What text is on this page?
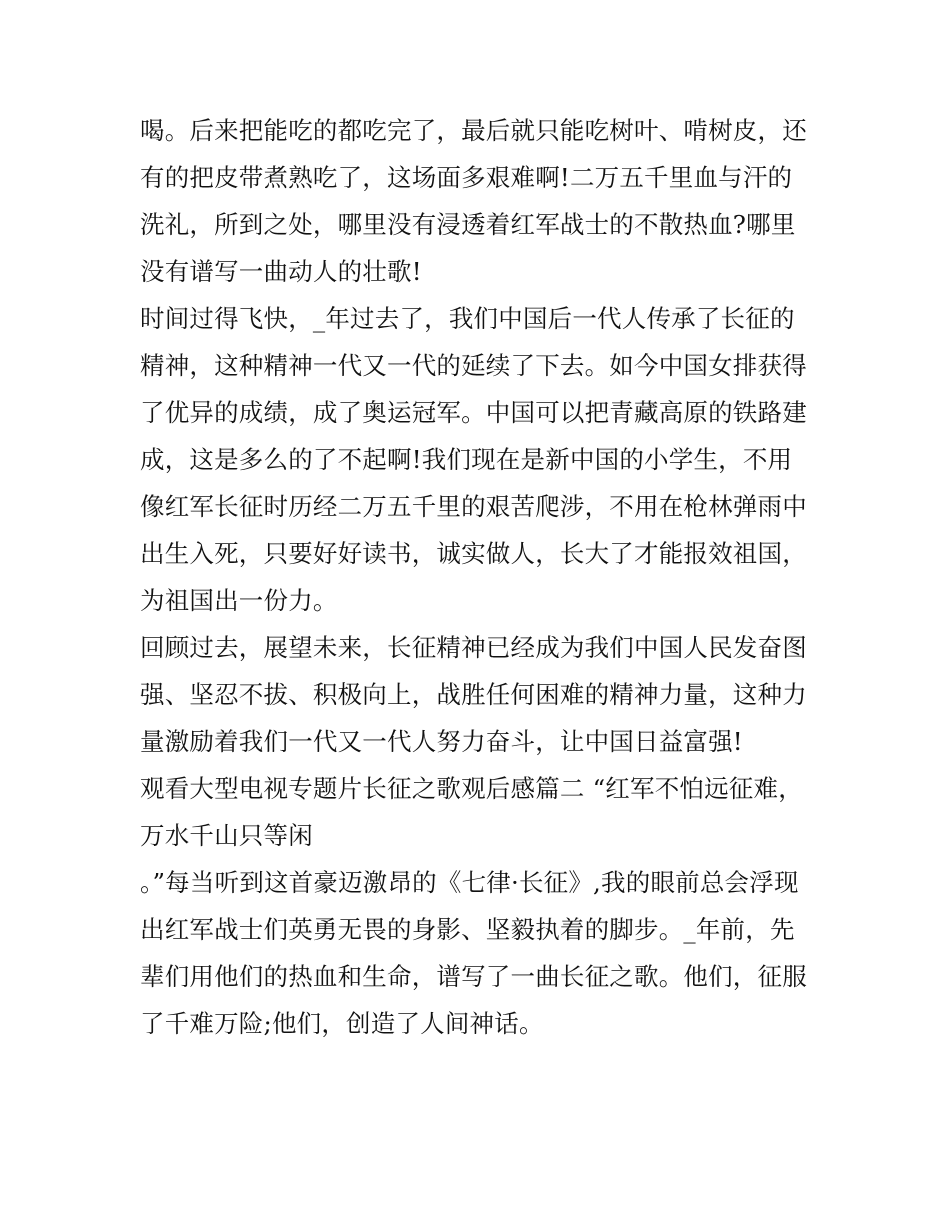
喝。后来把能吃的都吃完了，最后就只能吃树叶、啃树皮，还
有的把皮带煮熟吃了，这场面多艰难啊!二万五千里血与汗的
洗礼，所到之处，哪里没有浸透着红军战士的不散热血?哪里
没有谱写一曲动人的壮歌!
时间过得飞快，_年过去了，我们中国后一代人传承了长征的
精神，这种精神一代又一代的延续了下去。如今中国女排获得
了优异的成绩，成了奥运冠军。中国可以把青藏高原的铁路建
成，这是多么的了不起啊!我们现在是新中国的小学生，不用
像红军长征时历经二万五千里的艰苦爬涉，不用在枪林弹雨中
出生入死，只要好好读书，诚实做人，长大了才能报效祖国，
为祖国出一份力。
回顾过去，展望未来，长征精神已经成为我们中国人民发奋图
强、坚忍不拔、积极向上，战胜任何困难的精神力量，这种力
量激励着我们一代又一代人努力奋斗，让中国日益富强!
观看大型电视专题片长征之歌观后感篇二 “红军不怕远征难，
万水千山只等闲
。”每当听到这首豪迈激昂的《七律·长征》,我的眼前总会浮现
出红军战士们英勇无畏的身影、坚毅执着的脚步。_年前，先
辈们用他们的热血和生命，谱写了一曲长征之歌。他们，征服
了千难万险;他们，创造了人间神话。
